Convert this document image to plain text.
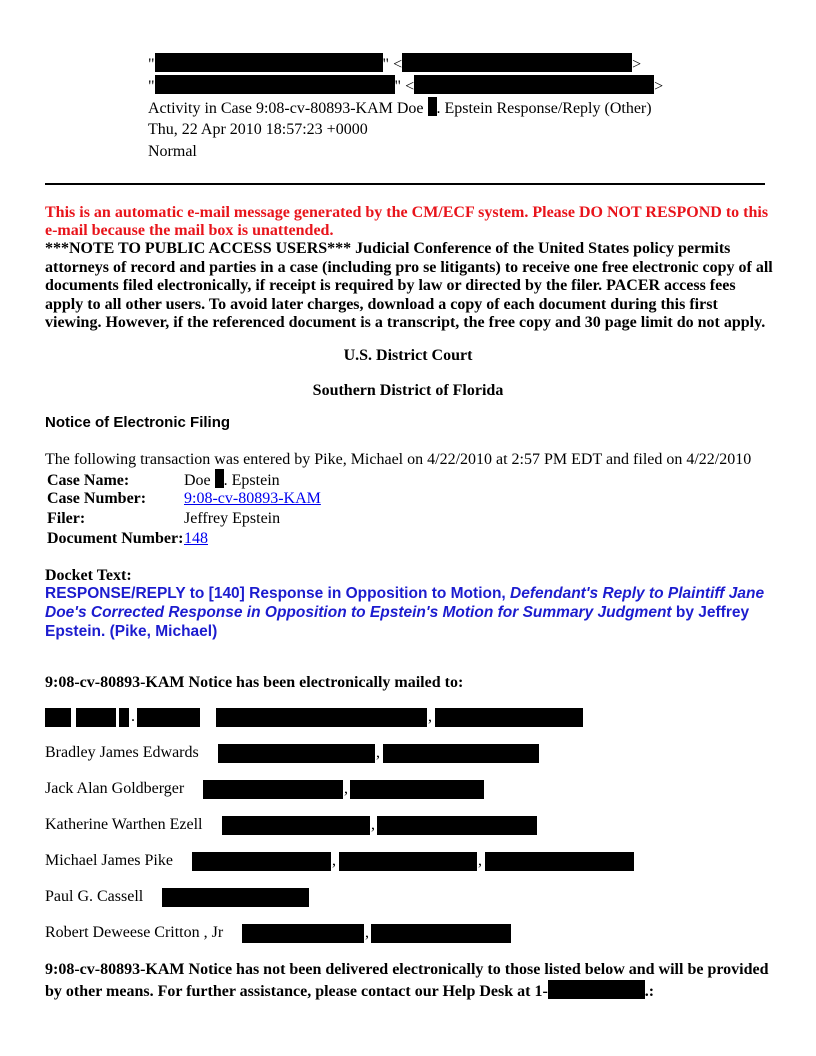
"	" <	>
"	" <	>
Activity in Case 9:08-cv-80893-KAM Doe . Epstein Response/Reply (Other)
Thu, 22 Apr 2010 18:57:23 +0000
Normal
This is an automatic e-mail message generated by the CM/ECF system. Please DO NOT RESPOND to this e-mail because the mail box is unattended.
***NOTE TO PUBLIC ACCESS USERS*** Judicial Conference of the United States policy permits attorneys of record and parties in a case (including pro se litigants) to receive one free electronic copy of all documents filed electronically, if receipt is required by law or directed by the filer. PACER access fees apply to all other users. To avoid later charges, download a copy of each document during this first viewing. However, if the referenced document is a transcript, the free copy and 30 page limit do not apply.
U.S. District Court
Southern District of Florida
Notice of Electronic Filing
The following transaction was entered by Pike, Michael on 4/22/2010 at 2:57 PM EDT and filed on 4/22/2010
Case Name:	Doe . Epstein
Case Number: 9:08-cv-80893-KAM
Filer:	Jeffrey Epstein
Document Number:148
Docket Text:
RESPONSE/REPLY to [140] Response in Opposition to Motion, Defendant's Reply to Plaintiff Jane Doe's Corrected Response in Opposition to Epstein's Motion for Summary Judgment by Jeffrey Epstein. (Pike, Michael)
9:08-cv-80893-KAM Notice has been electronically mailed to:
.	,
Bradley James Edwards	,
Jack Alan Goldberger	,
Katherine Warthen Ezell	,
Michael James Pike	,	,
Paul G. Cassell
Robert Deweese Critton , Jr	,
9:08-cv-80893-KAM Notice has not been delivered electronically to those listed below and will be provided by other means. For further assistance, please contact our Help Desk at 1-	.:
